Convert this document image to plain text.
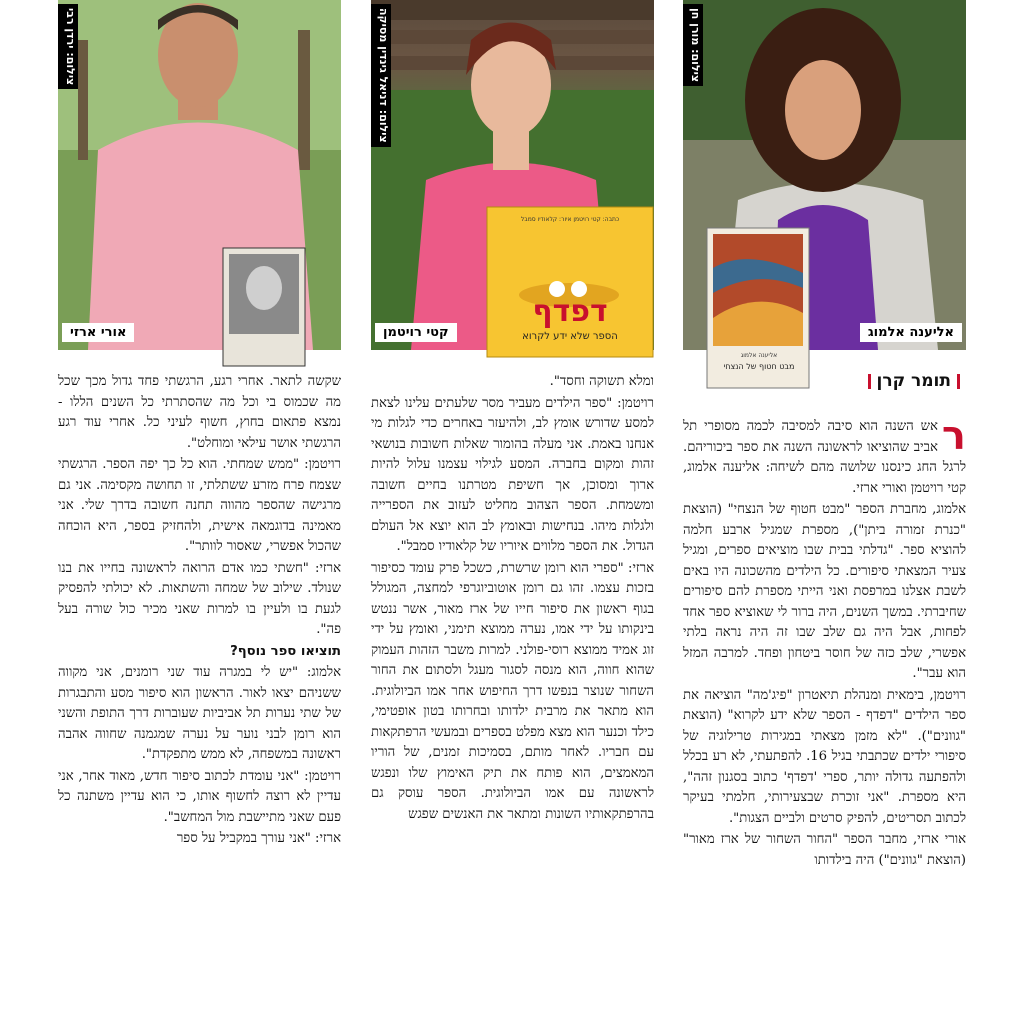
צילום: ירדן רבי
אורי ארזי
כתבה: קטי רויטמן איור: קלאודיו סמבל
דפדף
הספר שלא ידע לקרוא
צילום: דניאל גינדין מסיקה
קטי רויטמן
אליענה אלמוג
מבט חטוף של הנצחי
צילום: מורן חן
אליענה אלמוג
תומר קרן
ר

אש השנה הוא סיבה למסיבה לכמה מסופרי תל אביב שהוציאו לראשונה השנה את ספר ביכוריהם. לרגל החג כינסנו שלושה מהם לשיחה: אליענה אלמוג, קטי רויטמן ואורי ארזי.

אלמוג, מחברת הספר "מבט חטוף של הנצחי" (הוצאת "כנרת זמורה ביתן"), מספרת שמגיל ארבע חלמה להוציא ספר. "גדלתי בבית שבו מוציאים ספרים, ומגיל צעיר המצאתי סיפורים. כל הילדים מהשכונה היו באים לשבת אצלנו במרפסת ואני הייתי מספרת להם סיפורים שחיברתי. במשך השנים, היה ברור לי שאוציא ספר אחד לפחות, אבל היה גם שלב שבו זה היה נראה בלתי אפשרי, שלב כזה של חוסר ביטחון ופחד. למרבה המזל הוא עבר".

רויטמן, בימאית ומנהלת תיאטרון "פיג'מה" הוציאה את ספר הילדים "דפדף - הספר שלא ידע לקרוא" (הוצאת "גוונים"). "לא מזמן מצאתי במגירות טרילוגיה של סיפורי ילדים שכתבתי בגיל 16. להפתעתי, לא רע בכלל ולהפתעה גדולה יותר, ספרי 'דפדף' כתוב בסגנון זהה", היא מספרת. "אני זוכרת שבצעירותי, חלמתי בעיקר לכתוב תסריטים, להפיק סרטים ולביים הצגות".

אורי ארזי, מחבר הספר "החור השחור של ארז מאור" (הוצאת "גוונים") היה בילדותו

ומלא תשוקה וחסד".

רויטמן: "ספר הילדים מעביר מסר שלעתים עלינו לצאת למסע שדורש אומץ לב, ולהיעזר באחרים כדי לגלות מי אנחנו באמת. אני מעלה בהומור שאלות חשובות בנושאי זהות ומקום בחברה. המסע לגילוי עצמנו עלול להיות ארוך ומסוכן, אך חשיפת מטרתנו בחיים חשובה ומשמחת. הספר הצהוב מחליט לעזוב את הספרייה ולגלות מיהו. בנחישות ובאומץ לב הוא יוצא אל העולם הגדול. את הספר מלווים איוריו של קלאודיו סמבל".

ארזי: "ספרי הוא רומן שרשרת, כשכל פרק עומד כסיפור בזכות עצמו. זהו גם רומן אוטוביוגרפי למחצה, המגולל בגוף ראשון את סיפור חייו של ארז מאור, אשר ננטש בינקותו על ידי אמו, נערה ממוצא תימני, ואומץ על ידי זוג אמיד ממוצא רוסי-פולני. למרות משבר הזהות העמוק שהוא חווה, הוא מנסה לסגור מעגל ולסתום את החור השחור שנוצר בנפשו דרך החיפוש אחר אמו הביולוגית. הוא מתאר את מרבית ילדותו ובחרותו בטון אופטימי, כילד וכנער הוא מצא מפלט בספרים ובמעשי הרפתקאות עם חבריו. לאחר מותם, בסמיכות זמנים, של הוריו המאמצים, הוא פותח את תיק האימוץ שלו ונפגש לראשונה עם אמו הביולוגית. הספר עוסק גם בהרפתקאותיו השונות ומתאר את האנשים שפגש

שקשה לתאר. אחרי רגע, הרגשתי פחד גדול מכך שכל מה שכמוס בי וכל מה שהסתרתי כל השנים הללו - נמצא פתאום בחוץ, חשוף לעיני כל. אחרי עוד רגע הרגשתי אושר עילאי ומוחלט".

רויטמן: "ממש שמחתי. הוא כל כך יפה הספר. הרגשתי שצמח פרח מזרע ששתלתי, זו תחושה מקסימה. אני גם מרגישה שהספר מהווה תחנה חשובה בדרך שלי. אני מאמינה בדוגמאה אישית, ולהחזיק בספר, היא הוכחה שהכול אפשרי, שאסור לוותר".

ארזי: "חשתי כמו אדם הרואה לראשונה בחייו את בנו שנולד. שילוב של שמחה והשתאות. לא יכולתי להפסיק לגעת בו ולעיין בו למרות שאני מכיר כול שורה בעל פה".

תוציאו ספר נוסף?

אלמוג: "יש לי במגרה עוד שני רומנים, אני מקווה ששניהם יצאו לאור. הראשון הוא סיפור מסע והתבגרות של שתי נערות תל אביביות שעוברות דרך התופת והשני הוא רומן לבני נוער על נערה שמגמנה שחווה אהבה ראשונה במשפחה, לא ממש מתפקדת".

רויטמן: "אני עומדת לכתוב סיפור חדש, מאוד אחר, אני עדיין לא רוצה לחשוף אותו, כי הוא עדיין משתנה כל פעם שאני מתיישבת מול המחשב".

ארזי: "אני עורך במקביל על ספר
